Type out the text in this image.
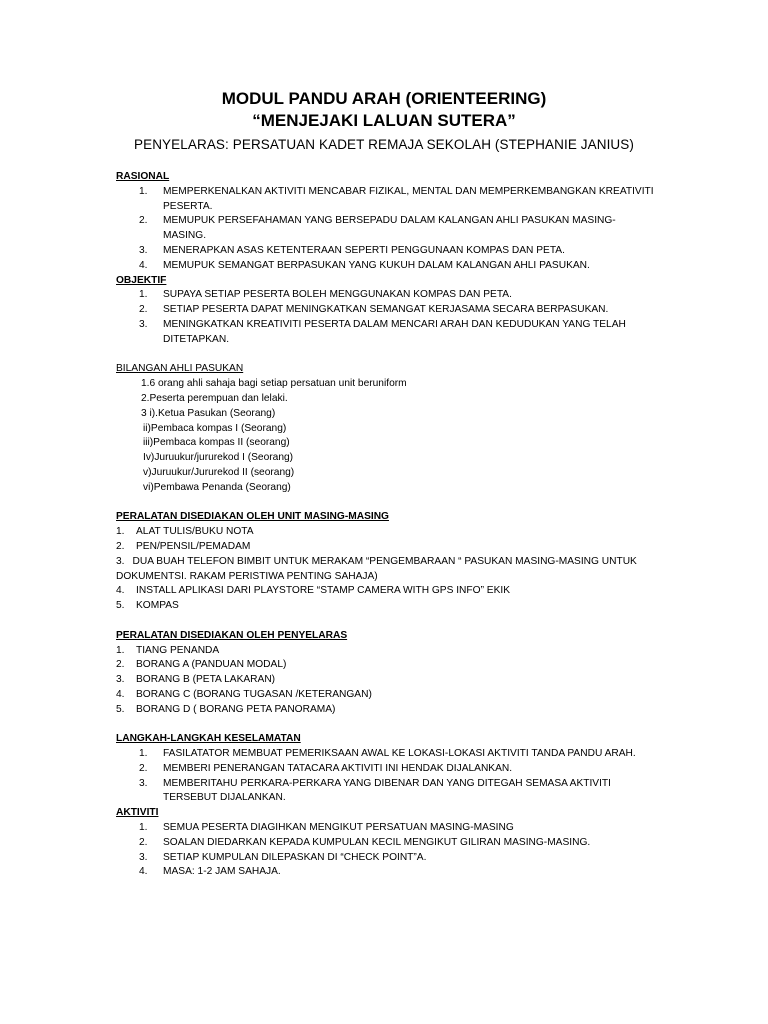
MODUL PANDU ARAH (ORIENTEERING)
“MENJEJAKI LALUAN SUTERA”
PENYELARAS: PERSATUAN KADET REMAJA SEKOLAH (STEPHANIE JANIUS)
RASIONAL
1. MEMPERKENALKAN AKTIVITI MENCABAR FIZIKAL, MENTAL DAN MEMPERKEMBANGKAN KREATIVITI PESERTA.
2. MEMUPUK PERSEFAHAMAN YANG BERSEPADU DALAM KALANGAN AHLI PASUKAN MASING-MASING.
3. MENERAPKAN ASAS KETENTERAAN SEPERTI PENGGUNAAN KOMPAS DAN PETA.
4. MEMUPUK SEMANGAT BERPASUKAN YANG KUKUH DALAM KALANGAN AHLI PASUKAN.
OBJEKTIF
1. SUPAYA SETIAP PESERTA BOLEH MENGGUNAKAN KOMPAS DAN PETA.
2. SETIAP PESERTA DAPAT MENINGKATKAN SEMANGAT KERJASAMA SECARA BERPASUKAN.
3. MENINGKATKAN KREATIVITI PESERTA DALAM MENCARI ARAH DAN KEDUDUKAN YANG TELAH DITETAPKAN.
BILANGAN AHLI PASUKAN
1.6 orang ahli sahaja bagi setiap persatuan unit beruniform
2.Peserta perempuan dan lelaki.
3 i).Ketua Pasukan (Seorang)
ii)Pembaca kompas I (Seorang)
iii)Pembaca kompas II (seorang)
Iv)Juruukur/jururekod I (Seorang)
v)Juruukur/Jururekod II (seorang)
vi)Pembawa Penanda (Seorang)
PERALATAN DISEDIAKAN OLEH UNIT MASING-MASING
1. ALAT TULIS/BUKU NOTA
2. PEN/PENSIL/PEMADAM
3. DUA BUAH TELEFON BIMBIT UNTUK MERAKAM “PENGEMBARAAN “ PASUKAN MASING-MASING UNTUK DOKUMENTSI. RAKAM PERISTIWA PENTING SAHAJA)
4. INSTALL APLIKASI DARI PLAYSTORE “STAMP CAMERA WITH GPS INFO” EKIK
5. KOMPAS
PERALATAN DISEDIAKAN OLEH PENYELARAS
1. TIANG PENANDA
2. BORANG A (PANDUAN MODAL)
3. BORANG B (PETA LAKARAN)
4. BORANG C (BORANG TUGASAN /KETERANGAN)
5. BORANG D ( BORANG PETA PANORAMA)
LANGKAH-LANGKAH KESELAMATAN
1. FASILATATOR MEMBUAT PEMERIKSAAN AWAL KE LOKASI-LOKASI AKTIVITI TANDA PANDU ARAH.
2. MEMBERI PENERANGAN TATACARA AKTIVITI INI HENDAK DIJALANKAN.
3. MEMBERITAHU PERKARA-PERKARA YANG DIBENAR DAN YANG DITEGAH SEMASA AKTIVITI TERSEBUT DIJALANKAN.
AKTIVITI
1. SEMUA PESERTA DIAGIHKAN MENGIKUT PERSATUAN MASING-MASING
2. SOALAN DIEDARKAN KEPADA KUMPULAN KECIL MENGIKUT GILIRAN MASING-MASING.
3. SETIAP KUMPULAN DILEPASKAN DI “CHECK POINT”A.
4. MASA: 1-2 JAM SAHAJA.
